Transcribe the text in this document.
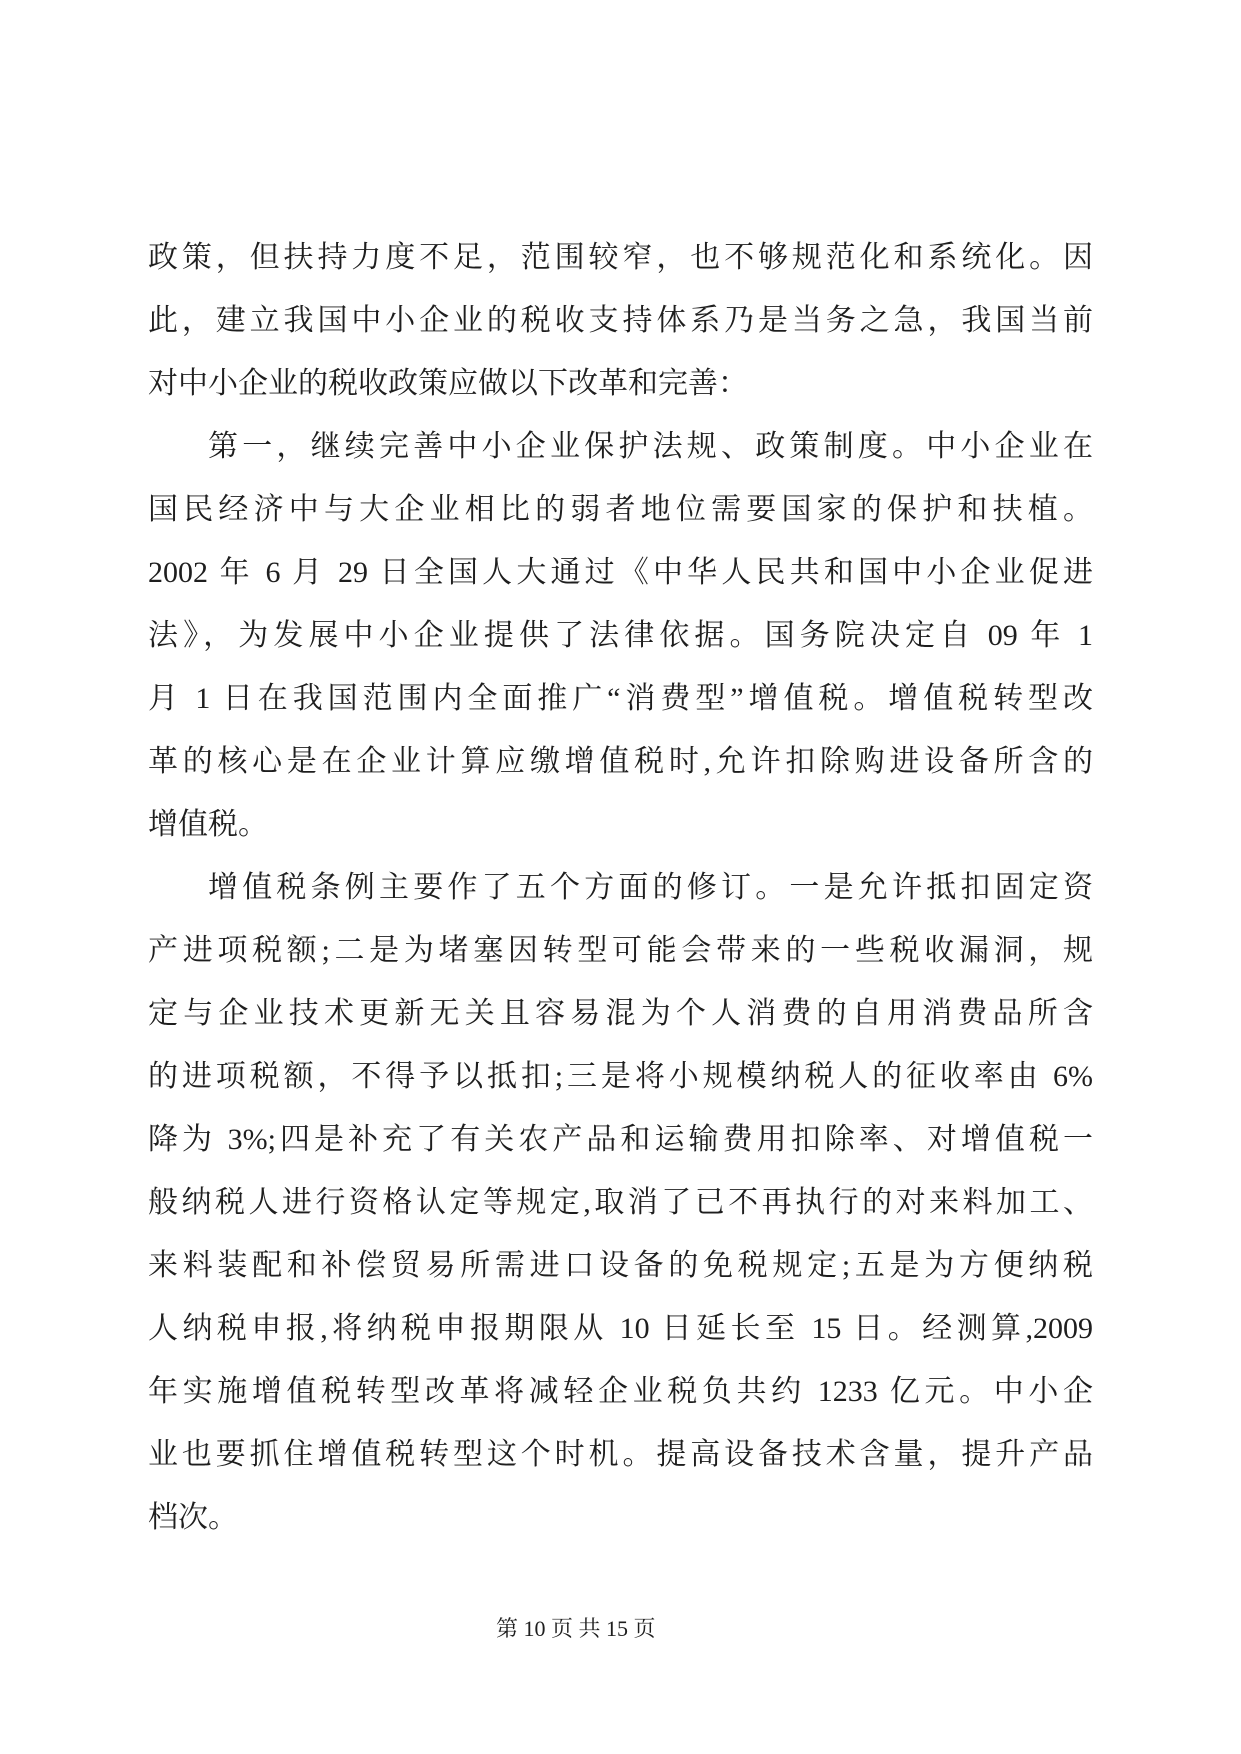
政策，但扶持力度不足，范围较窄，也不够规范化和系统化。因
此，建立我国中小企业的税收支持体系乃是当务之急，我国当前
对中小企业的税收政策应做以下改革和完善：
第一，继续完善中小企业保护法规、政策制度。中小企业在
国民经济中与大企业相比的弱者地位需要国家的保护和扶植。
2002 年 6 月 29 日全国人大通过《中华人民共和国中小企业促进
法》，为发展中小企业提供了法律依据。国务院决定自 09 年 1
月 1 日在我国范围内全面推广“消费型”增值税。增值税转型改
革的核心是在企业计算应缴增值税时,允许扣除购进设备所含的
增值税。
增值税条例主要作了五个方面的修订。一是允许抵扣固定资
产进项税额;二是为堵塞因转型可能会带来的一些税收漏洞，规
定与企业技术更新无关且容易混为个人消费的自用消费品所含
的进项税额，不得予以抵扣;三是将小规模纳税人的征收率由 6%
降为 3%;四是补充了有关农产品和运输费用扣除率、对增值税一
般纳税人进行资格认定等规定,取消了已不再执行的对来料加工、
来料装配和补偿贸易所需进口设备的免税规定;五是为方便纳税
人纳税申报,将纳税申报期限从 10 日延长至 15 日。经测算,2009
年实施增值税转型改革将减轻企业税负共约 1233 亿元。中小企
业也要抓住增值税转型这个时机。提高设备技术含量，提升产品
档次。
第 10 页 共 15 页
